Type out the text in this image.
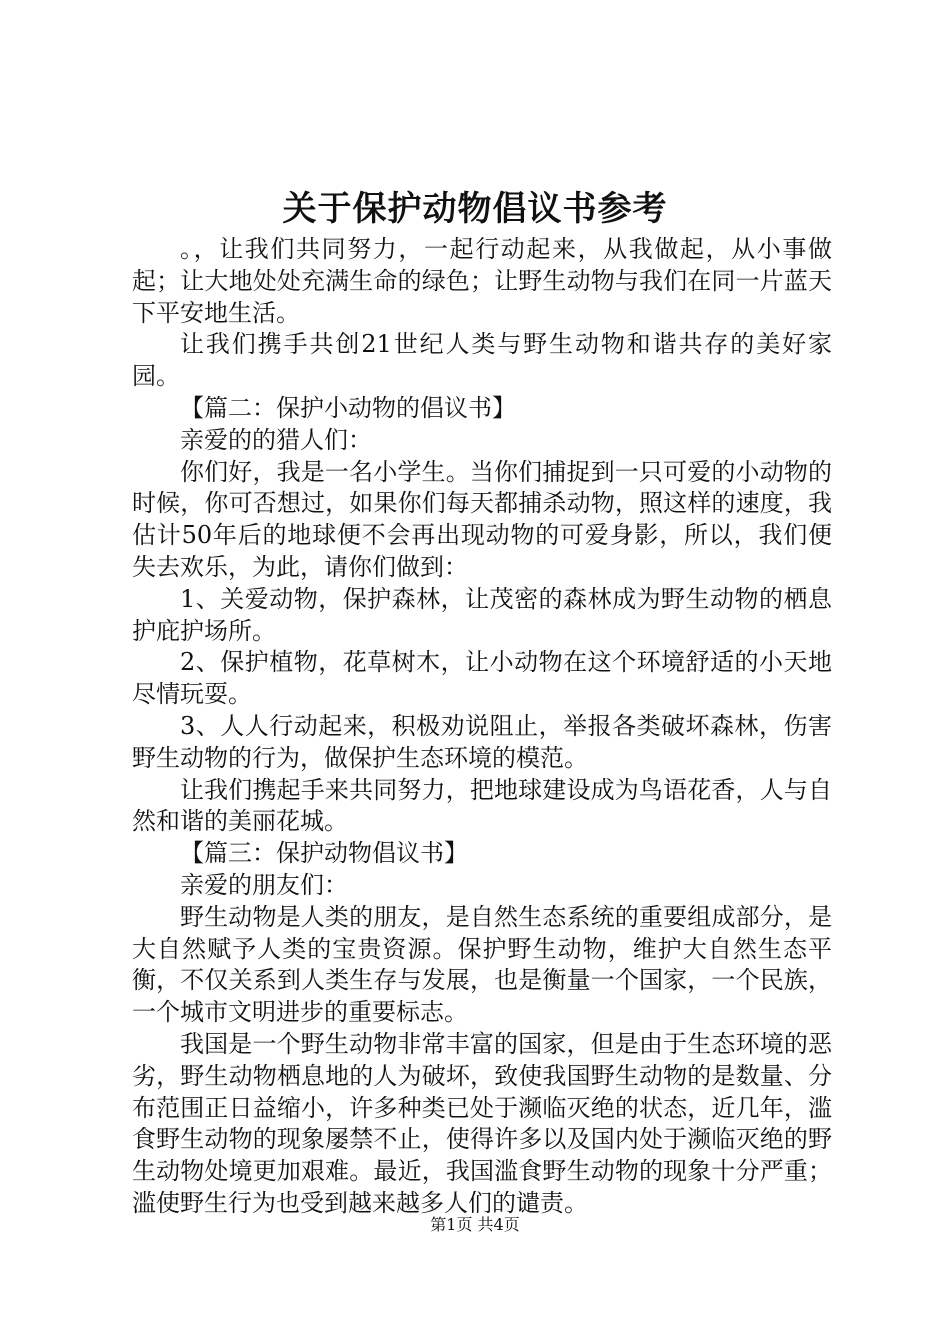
关于保护动物倡议书参考

。，让我们共同努力，一起行动起来，从我做起，从小事做起；让大地处处充满生命的绿色；让野生动物与我们在同一片蓝天下平安地生活。

让我们携手共创21世纪人类与野生动物和谐共存的美好家园。

【篇二：保护小动物的倡议书】

亲爱的的猎人们：

你们好，我是一名小学生。当你们捕捉到一只可爱的小动物的时候，你可否想过，如果你们每天都捕杀动物，照这样的速度，我估计50年后的地球便不会再出现动物的可爱身影，所以，我们便失去欢乐，为此，请你们做到：

1、关爱动物，保护森林，让茂密的森林成为野生动物的栖息护庇护场所。

2、保护植物，花草树木，让小动物在这个环境舒适的小天地尽情玩耍。

3、人人行动起来，积极劝说阻止，举报各类破坏森林，伤害野生动物的行为，做保护生态环境的模范。

让我们携起手来共同努力，把地球建设成为鸟语花香，人与自然和谐的美丽花城。

【篇三：保护动物倡议书】

亲爱的朋友们：

野生动物是人类的朋友，是自然生态系统的重要组成部分，是大自然赋予人类的宝贵资源。保护野生动物，维护大自然生态平衡，不仅关系到人类生存与发展，也是衡量一个国家，一个民族，一个城市文明进步的重要标志。

我国是一个野生动物非常丰富的国家，但是由于生态环境的恶劣，野生动物栖息地的人为破坏，致使我国野生动物的是数量、分布范围正日益缩小，许多种类已处于濒临灭绝的状态，近几年，滥食野生动物的现象屡禁不止，使得许多以及国内处于濒临灭绝的野生动物处境更加艰难。最近，我国滥食野生动物的现象十分严重；滥使野生行为也受到越来越多人们的谴责。

第1页 共4页
